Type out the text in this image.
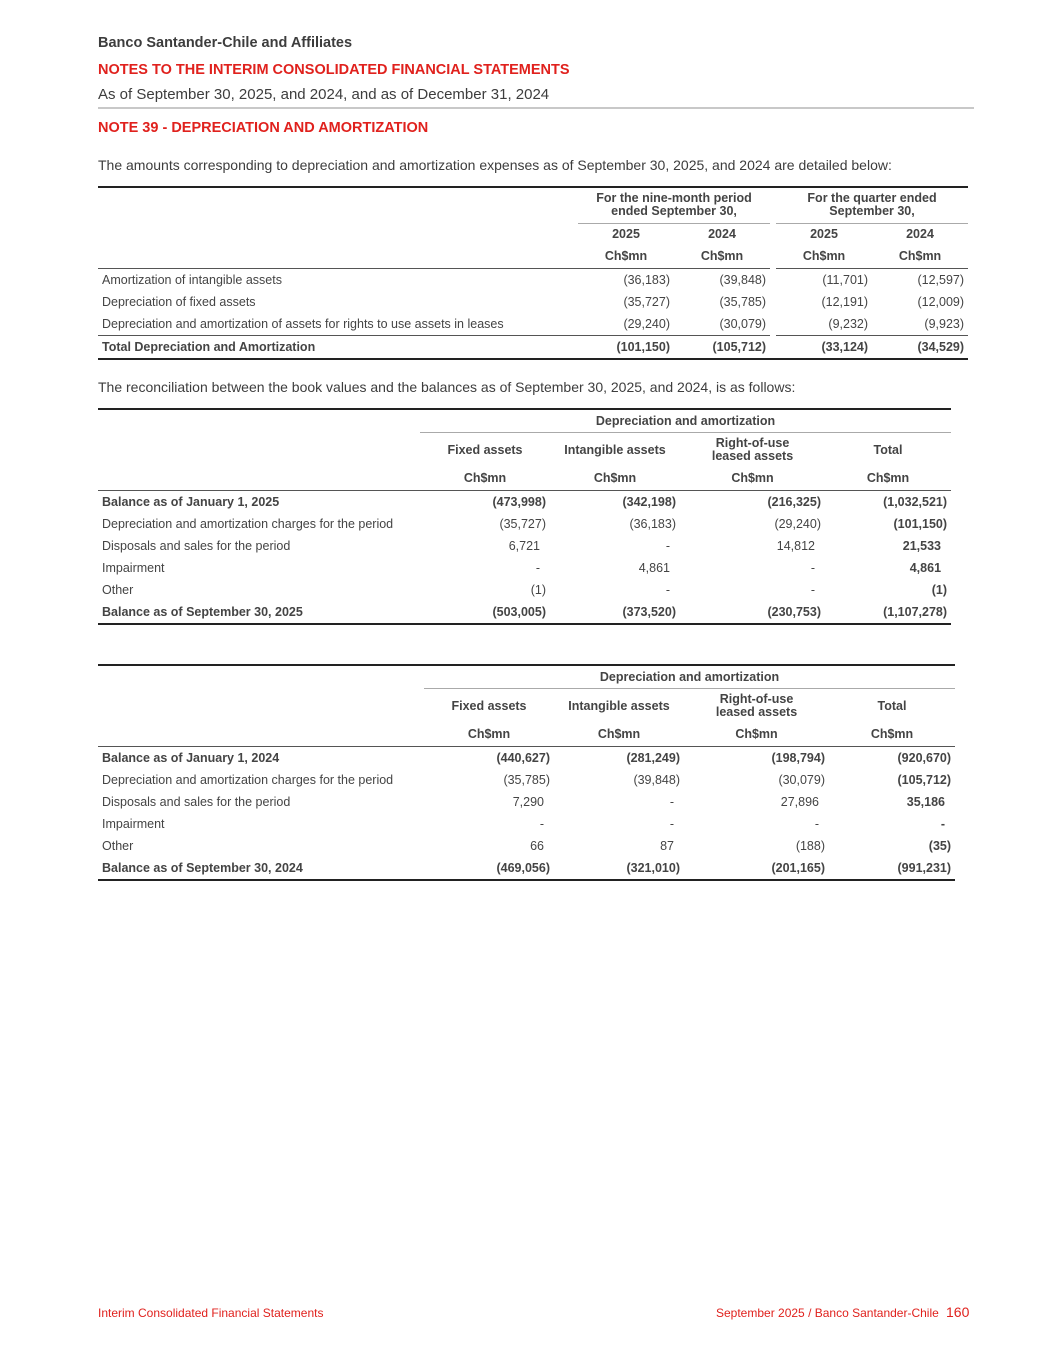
Banco Santander-Chile and Affiliates
NOTES TO THE INTERIM CONSOLIDATED FINANCIAL STATEMENTS
As of September 30, 2025, and 2024, and as of December 31, 2024
NOTE 39 - DEPRECIATION AND AMORTIZATION
The amounts corresponding to depreciation and amortization expenses as of September 30, 2025, and 2024 are detailed below:
	For the nine-month period ended September 30,			For the quarter ended September 30,	
	2025	2024		2025	2024
	Ch$mn	Ch$mn		Ch$mn	Ch$mn
Amortization of intangible assets	(36,183)	(39,848)		(11,701)	(12,597)
Depreciation of fixed assets	(35,727)	(35,785)		(12,191)	(12,009)
Depreciation and amortization of assets for rights to use assets in leases	(29,240)	(30,079)		(9,232)	(9,923)
Total Depreciation and Amortization	(101,150)	(105,712)		(33,124)	(34,529)
The reconciliation between the book values and the balances as of September 30, 2025, and 2024, is as follows:
	Depreciation and amortization			
	Fixed assets	Intangible assets	Right-of-use leased assets	Total
	Ch$mn	Ch$mn	Ch$mn	Ch$mn
Balance as of January 1, 2025	(473,998)	(342,198)	(216,325)	(1,032,521)
Depreciation and amortization charges for the period	(35,727)	(36,183)	(29,240)	(101,150)
Disposals and sales for the period	6,721	-	14,812	21,533
Impairment	-	4,861	-	4,861
Other	(1)	-	-	(1)
Balance as of September 30, 2025	(503,005)	(373,520)	(230,753)	(1,107,278)
	Depreciation and amortization			
	Fixed assets	Intangible assets	Right-of-use leased assets	Total
	Ch$mn	Ch$mn	Ch$mn	Ch$mn
Balance as of January 1, 2024	(440,627)	(281,249)	(198,794)	(920,670)
Depreciation and amortization charges for the period	(35,785)	(39,848)	(30,079)	(105,712)
Disposals and sales for the period	7,290	-	27,896	35,186
Impairment	-	-	-	-
Other	66	87	(188)	(35)
Balance as of September 30, 2024	(469,056)	(321,010)	(201,165)	(991,231)
Interim Consolidated Financial Statements	September 2025 / Banco Santander-Chile 160
